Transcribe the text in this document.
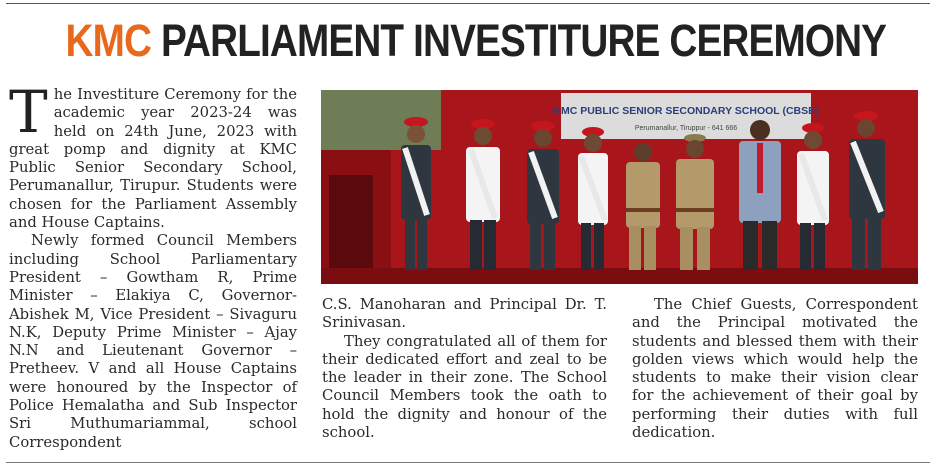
KMC PARLIAMENT INVESTITURE CEREMONY

The Investiture Ceremony for the academic year 2023-24 was held on 24th June, 2023 with great pomp and dignity at KMC Public Senior Secondary School, Perumanallur, Tirupur. Students were chosen for the Parliament Assembly and House Captains.

Newly formed Council Members including School Parliamentary President – Gowtham R, Prime Minister – Elakiya C, Governor- Abishek M, Vice President – Sivaguru N.K, Deputy Prime Minister – Ajay N.N and Lieutenant Governor – Pretheev. V and all House Captains were honoured by the Inspector of Police Hemalatha and Sub Inspector Sri Muthumariammal, school Correspondent

KMC PUBLIC SENIOR SECONDARY SCHOOL (CBSE)
Perumanallur, Tiruppur - 641 666

C.S. Manoharan and Principal Dr. T. Srinivasan.

They congratulated all of them for their dedicated effort and zeal to be the leader in their zone. The School Council Members took the oath to hold the dignity and honour of the school.

The Chief Guests, Correspondent and the Principal motivated the students and blessed them with their golden views which would help the students to make their vision clear for the achievement of their goal by performing their duties with full dedication.
